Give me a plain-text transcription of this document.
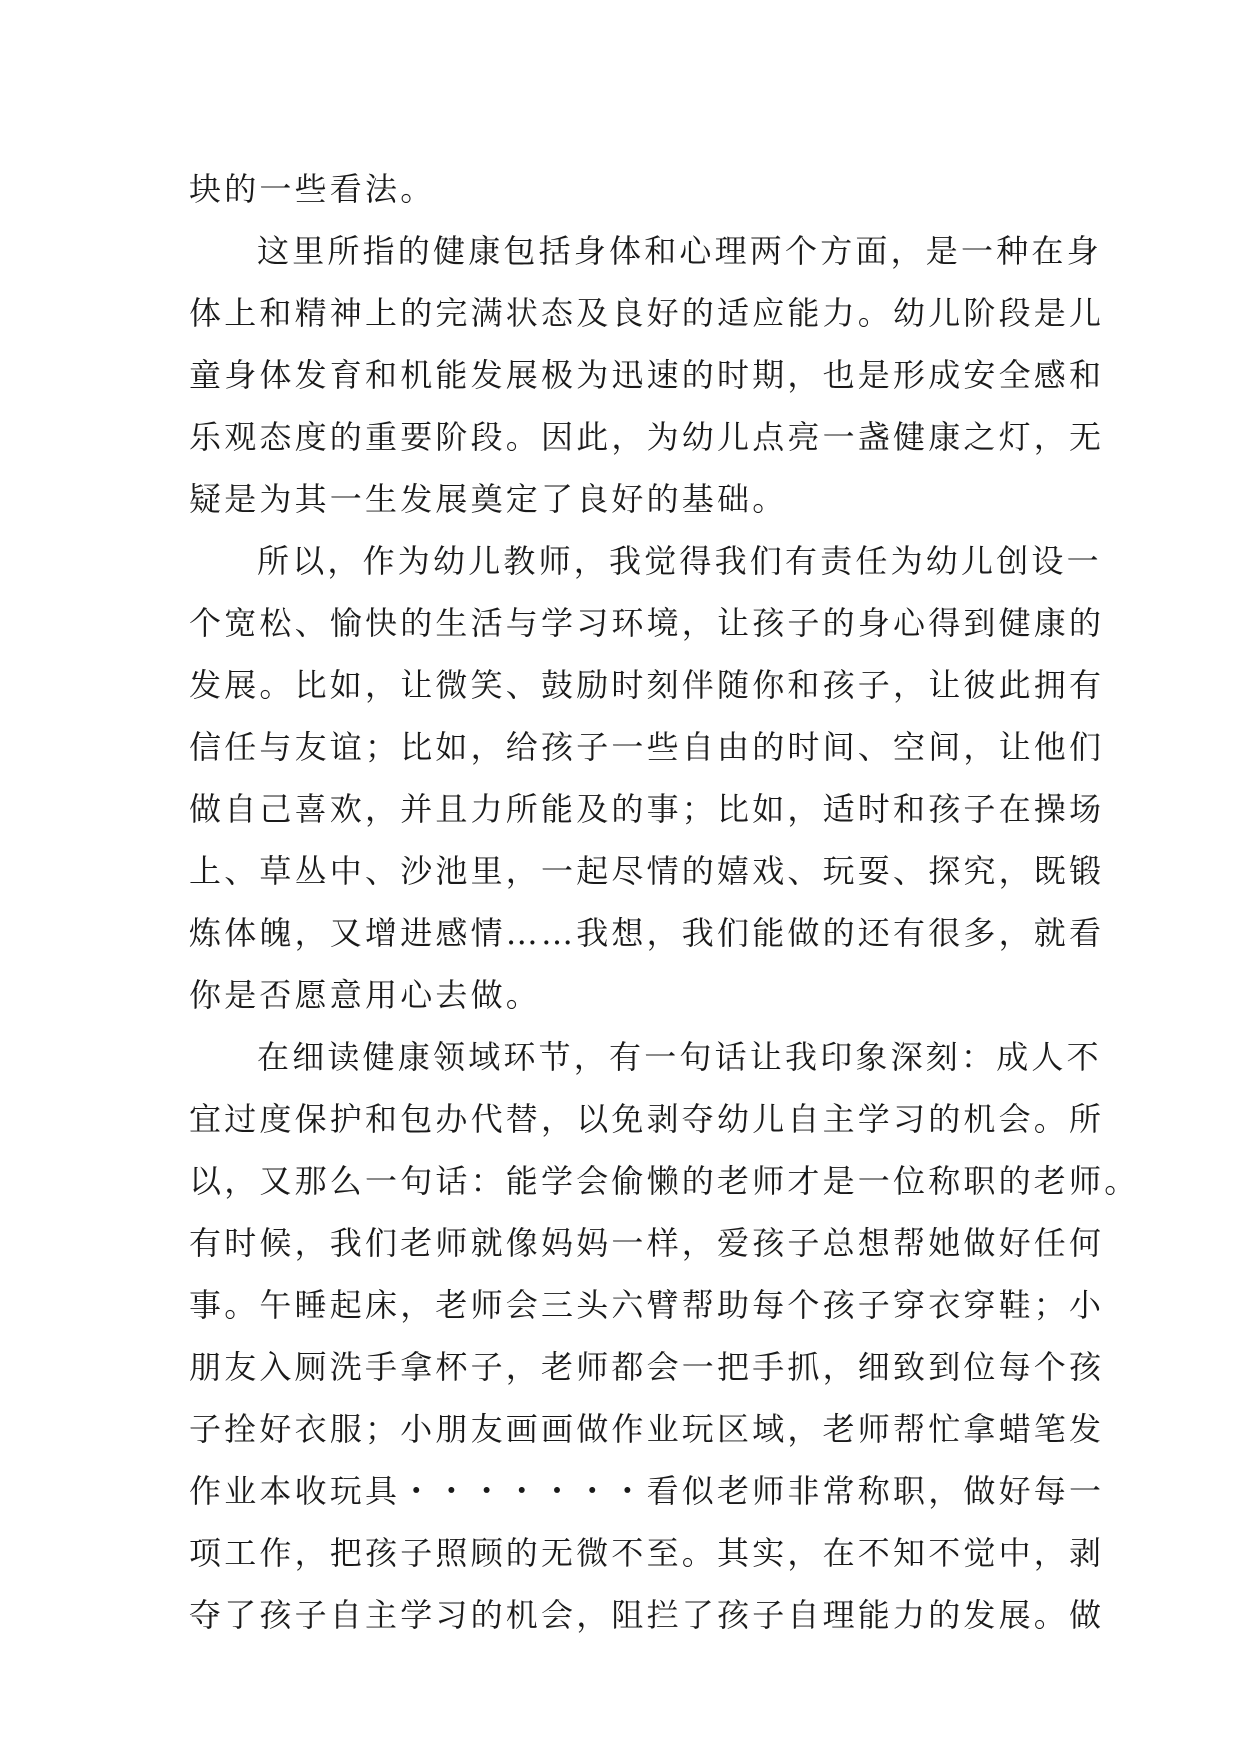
块的一些看法。
这里所指的健康包括身体和心理两个方面，是一种在身
体上和精神上的完满状态及良好的适应能力。幼儿阶段是儿
童身体发育和机能发展极为迅速的时期，也是形成安全感和
乐观态度的重要阶段。因此，为幼儿点亮一盏健康之灯，无
疑是为其一生发展奠定了良好的基础。
所以，作为幼儿教师，我觉得我们有责任为幼儿创设一
个宽松、愉快的生活与学习环境，让孩子的身心得到健康的
发展。比如，让微笑、鼓励时刻伴随你和孩子，让彼此拥有
信任与友谊；比如，给孩子一些自由的时间、空间，让他们
做自己喜欢，并且力所能及的事；比如，适时和孩子在操场
上、草丛中、沙池里，一起尽情的嬉戏、玩耍、探究，既锻
炼体魄，又增进感情……我想，我们能做的还有很多，就看
你是否愿意用心去做。
在细读健康领域环节，有一句话让我印象深刻：成人不
宜过度保护和包办代替，以免剥夺幼儿自主学习的机会。所
以，又那么一句话：能学会偷懒的老师才是一位称职的老师。
有时候，我们老师就像妈妈一样，爱孩子总想帮她做好任何
事。午睡起床，老师会三头六臂帮助每个孩子穿衣穿鞋；小
朋友入厕洗手拿杯子，老师都会一把手抓，细致到位每个孩
子拴好衣服；小朋友画画做作业玩区域，老师帮忙拿蜡笔发
作业本收玩具・・・・・・・看似老师非常称职，做好每一
项工作，把孩子照顾的无微不至。其实，在不知不觉中，剥
夺了孩子自主学习的机会，阻拦了孩子自理能力的发展。做
